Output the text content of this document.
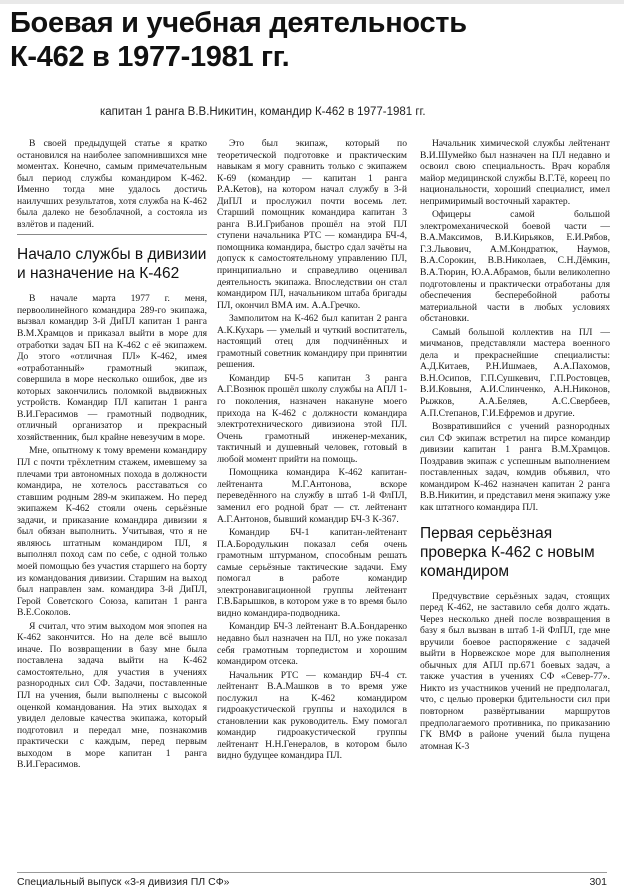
Боевая и учебная деятельность
К-462 в 1977-1981 гг.
капитан 1 ранга В.В.Никитин, командир К-462 в 1977-1981 гг.

В своей предыдущей статье я кратко остановился на наиболее запомнившихся мне моментах. Конечно, самым примечательным был период службы командиром К-462. Именно тогда мне удалось достичь наилучших результатов, хотя служба на К-462 была далеко не безоблачной, а состояла из взлётов и падений.

Начало службы в дивизии и назначение на К-462

В начале марта 1977 г. меня, первоолинейного командира 289-го экипажа, вызвал командир 3-й ДиПЛ капитан 1 ранга В.М.Храмцов и приказал выйти в море для отработки задач БП на К-462 с её экипажем. До этого «отличная ПЛ» К-462, имея «отработанный» грамотный экипаж, совершила в море несколько ошибок, две из которых закончились поломкой выдвижных устройств. Командир ПЛ капитан 1 ранга В.И.Герасимов — грамотный подводник, отличный организатор и прекрасный хозяйственник, был крайне невезучим в море.

Мне, опытному к тому времени командиру ПЛ с почти трёхлетним стажем, имевшему за плечами три автономных похода в должности командира, не хотелось расставаться со ставшим родным 289-м экипажем. Но перед экипажем К-462 стояли очень серьёзные задачи, и приказание командира дивизии я был обязан выполнить. Учитывая, что я не являюсь штатным командиром ПЛ, я выполнял поход сам по себе, с одной только моей помощью без участия старшего на борту из командования дивизии. Старшим на выход был направлен зам. командира 3-й ДиПЛ, Герой Советского Союза, капитан 1 ранга В.Е.Соколов.

Я считал, что этим выходом моя эпопея на К-462 закончится. Но на деле всё вышло иначе. По возвращении в базу мне была поставлена задача выйти на К-462 самостоятельно, для участия в учениях разнородных сил СФ. Задачи, поставленные ПЛ на учения, были выполнены с высокой оценкой командования. На этих выходах я увидел деловые качества экипажа, который подготовил и передал мне, познакомив практически с каждым, перед первым выходом в море капитан 1 ранга В.И.Герасимов.

Это был экипаж, который по теоретической подготовке и практическим навыкам я могу сравнить только с экипажем К-69 (командир — капитан 1 ранга Р.А.Кетов), на котором начал службу в 3-й ДиПЛ и прослужил почти восемь лет. Старший помощник командира капитан 3 ранга В.И.Грибанов прошёл на этой ПЛ ступени начальника РТС — командира БЧ-4, помощника командира, быстро сдал зачёты на допуск к самостоятельному управлению ПЛ, принципиально и справедливо оценивал деятельность экипажа. Впоследствии он стал командиром ПЛ, начальником штаба бригады ПЛ, окончил ВМА им. А.А.Гречко.

Замполитом на К-462 был капитан 2 ранга А.К.Кухарь — умелый и чуткий воспитатель, настоящий отец для подчинённых и грамотный советник командиру при принятии решения.

Командир БЧ-5 капитан 3 ранга А.Г.Вознюк прошёл школу службы на АПЛ 1-го поколения, назначен накануне моего прихода на К-462 с должности командира электротехнического дивизиона этой ПЛ. Очень грамотный инженер-механик, тактичный и душевный человек, готовый в любой момент прийти на помощь.

Помощника командира К-462 капитан-лейтенанта М.Г.Антонова, вскоре переведённого на службу в штаб 1-й ФлПЛ, заменил его родной брат — ст. лейтенант А.Г.Антонов, бывший командир БЧ-3 К-367.

Командир БЧ-1 капитан-лейтенант П.А.Бородулькин показал себя очень грамотным штурманом, способным решать самые серьёзные тактические задачи. Ему помогал в работе командир электронавигационной группы лейтенант Г.В.Барышков, в котором уже в то время было видно командира-подводника.

Командир БЧ-3 лейтенант В.А.Бондаренко недавно был назначен на ПЛ, но уже показал себя грамотным торпедистом и хорошим командиром отсека.

Начальник РТС — командир БЧ-4 ст. лейтенант В.А.Машков в то время уже послужил на К-462 командиром гидроакустической группы и находился в становлении как руководитель. Ему помогал командир гидроакустической группы лейтенант Н.Н.Генералов, в котором было видно будущее командира ПЛ.

Начальник химической службы лейтенант В.И.Шумейко был назначен на ПЛ недавно и освоил свою специальность. Врач корабля майор медицинской службы В.Г.Тё, кореец по национальности, хороший специалист, имел непримиримый восточный характер.

Офицеры самой большой электромеханической боевой части — В.А.Максимов, В.И.Кирьяков, Е.И.Рябов, Г.З.Львович, А.М.Кондратюк, Наумов, В.А.Сорокин, В.В.Николаев, С.Н.Дёмкин, В.А.Тюрин, Ю.А.Абрамов, были великолепно подготовлены и практически отработаны для обеспечения бесперебойной работы материальной части в любых условиях обстановки.

Самый большой коллектив на ПЛ — мичманов, представляли мастера военного дела и прекраснейшие специалисты: А.Д.Китаев, Р.Н.Ишмаев, А.А.Пахомов, В.Н.Осипов, Г.П.Сушкевич, Г.П.Ростовцев, В.И.Ковыня, А.И.Слинченко, А.Н.Никонов, Рыжков, А.А.Беляев, А.С.Свербеев, А.П.Степанов, Г.И.Ефремов и другие.

Возвратившийся с учений разнородных сил СФ экипаж встретил на пирсе командир дивизии капитан 1 ранга В.М.Храмцов. Поздравив экипаж с успешным выполнением поставленных задач, комдив объявил, что командиром К-462 назначен капитан 2 ранга В.В.Никитин, и представил меня экипажу уже как штатного командира ПЛ.

Первая серьёзная проверка К-462 с новым командиром

Предчувствие серьёзных задач, стоящих перед К-462, не заставило себя долго ждать. Через несколько дней после возвращения в базу я был вызван в штаб 1-й ФлПЛ, где мне вручили боевое распоряжение с задачей выйти в Норвежское море для выполнения обычных для АПЛ пр.671 боевых задач, а также участия в учениях СФ «Север-77». Никто из участников учений не предполагал, что, с целью проверки бдительности сил при повторном развёртывании маршрутов предполагаемого противника, по приказанию ГК ВМФ в районе учений была пущена атомная К-3

Специальный выпуск «3-я дивизия ПЛ СФ»	301
